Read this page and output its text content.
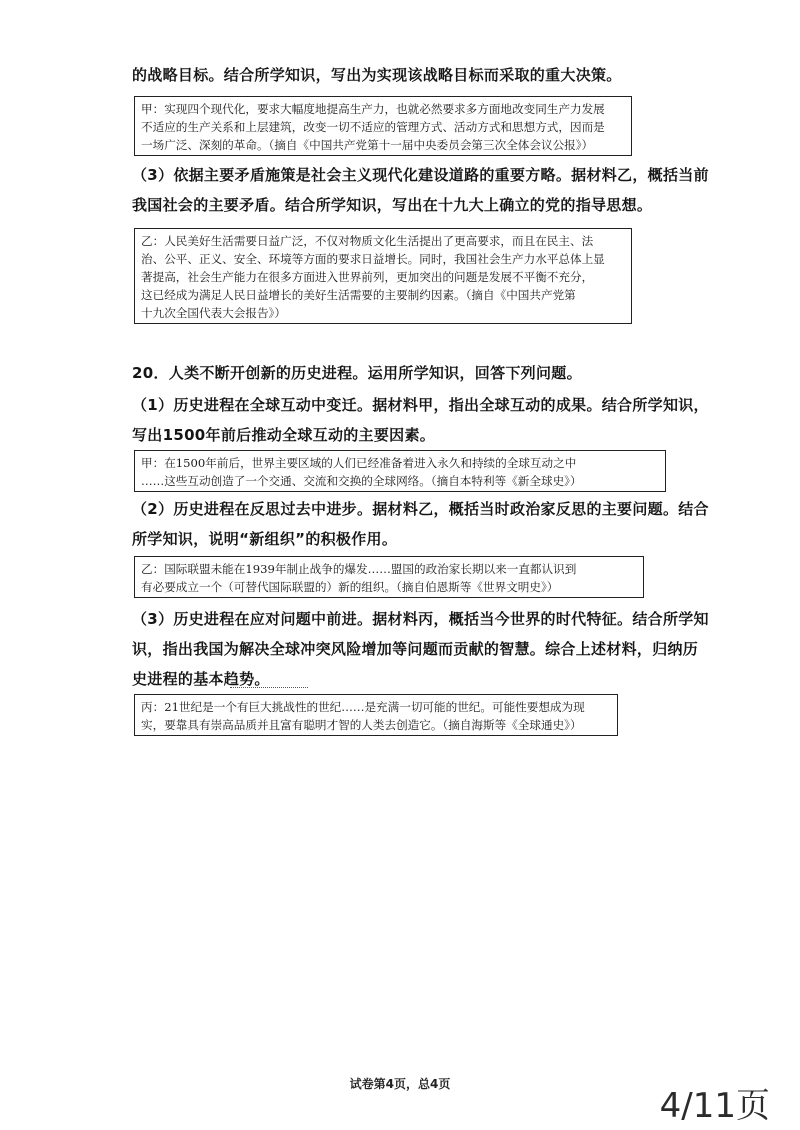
的战略目标。结合所学知识，写出为实现该战略目标而采取的重大决策。
甲：实现四个现代化，要求大幅度地提高生产力，也就必然要求多方面地改变同生产力发展
不适应的生产关系和上层建筑，改变一切不适应的管理方式、活动方式和思想方式，因而是
一场广泛、深刻的革命。（摘自《中国共产党第十一届中央委员会第三次全体会议公报》）
（3）依据主要矛盾施策是社会主义现代化建设道路的重要方略。据材料乙，概括当前
我国社会的主要矛盾。结合所学知识，写出在十九大上确立的党的指导思想。
乙：人民美好生活需要日益广泛，不仅对物质文化生活提出了更高要求，而且在民主、法
治、公平、正义、安全、环境等方面的要求日益增长。同时，我国社会生产力水平总体上显
著提高，社会生产能力在很多方面进入世界前列，更加突出的问题是发展不平衡不充分，
这已经成为满足人民日益增长的美好生活需要的主要制约因素。（摘自《中国共产党第
十九次全国代表大会报告》）
20．人类不断开创新的历史进程。运用所学知识，回答下列问题。
（1）历史进程在全球互动中变迁。据材料甲，指出全球互动的成果。结合所学知识，
写出1500年前后推动全球互动的主要因素。
甲：在1500年前后，世界主要区域的人们已经准备着进入永久和持续的全球互动之中
……这些互动创造了一个交通、交流和交换的全球网络。（摘自本特利等《新全球史》）
（2）历史进程在反思过去中进步。据材料乙，概括当时政治家反思的主要问题。结合
所学知识，说明“新组织”的积极作用。
乙：国际联盟未能在1939年制止战争的爆发……盟国的政治家长期以来一直都认识到
有必要成立一个（可替代国际联盟的）新的组织。（摘自伯恩斯等《世界文明史》）
（3）历史进程在应对问题中前进。据材料丙，概括当今世界的时代特征。结合所学知
识，指出我国为解决全球冲突风险增加等问题而贡献的智慧。综合上述材料，归纳历
史进程的基本趋势。
丙：21世纪是一个有巨大挑战性的世纪……是充满一切可能的世纪。可能性要想成为现
实，要靠具有崇高品质并且富有聪明才智的人类去创造它。（摘自海斯等《全球通史》）
试卷第4页，总4页
4/11页
